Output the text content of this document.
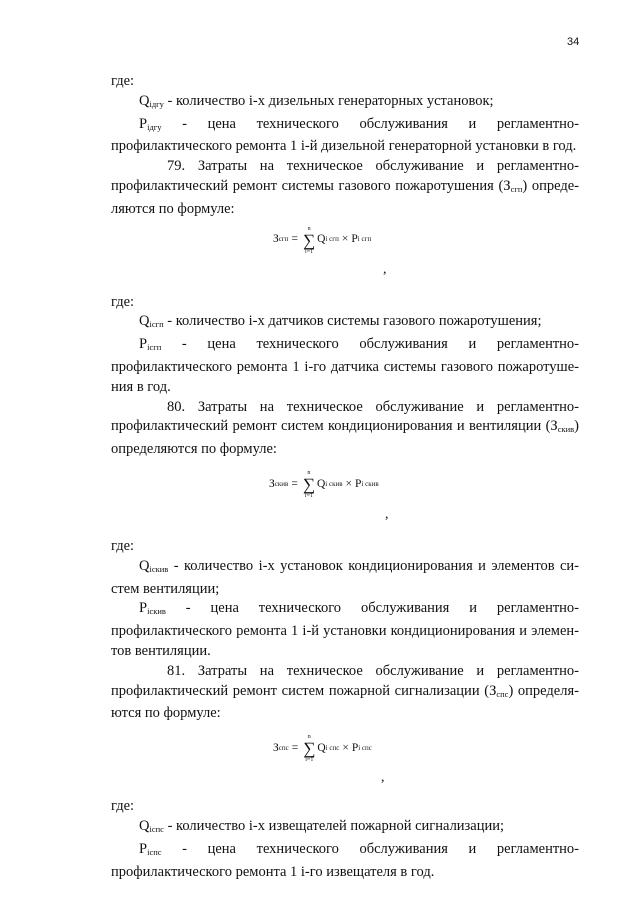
34

где:

$Q_{iдгу}$ - количество i-х дизельных генераторных установок;

$P_{iдгу}$ - цена технического обслуживания и регламентно-

профилактического ремонта 1 i-й дизельной генераторной установки в год.

79. Затраты на техническое обслуживание и регламентно-

профилактический ремонт системы газового пожаротушения $(З_{сгп})$ опреде-

ляются по формуле:

З сгп =
n
∑
i=1
Q i сгп × P i сгп
,

где:

$Q_{iсгп}$ - количество i-х датчиков системы газового пожаротушения;

$P_{iсгп}$ - цена технического обслуживания и регламентно-

профилактического ремонта 1 i-го датчика системы газового пожаротуше-

ния в год.

80. Затраты на техническое обслуживание и регламентно-

профилактический ремонт систем кондиционирования и вентиляции $(З_{скив})$

определяются по формуле:

З скив =
n
∑
i=1
Q i скив × P i скив
,

где:

$Q_{iскив}$ - количество i-х установок кондиционирования и элементов си-

стем вентиляции;

$P_{iскив}$ - цена технического обслуживания и регламентно-

профилактического ремонта 1 i-й установки кондиционирования и элемен-

тов вентиляции.

81. Затраты на техническое обслуживание и регламентно-

профилактический ремонт систем пожарной сигнализации $(З_{спс})$ определя-

ются по формуле:

З спс =
n
∑
i=1
Q i спс × P i спс
,

где:

$Q_{iспс}$ - количество i-х извещателей пожарной сигнализации;

$P_{iспс}$ - цена технического обслуживания и регламентно-

профилактического ремонта 1 i-го извещателя в год.
